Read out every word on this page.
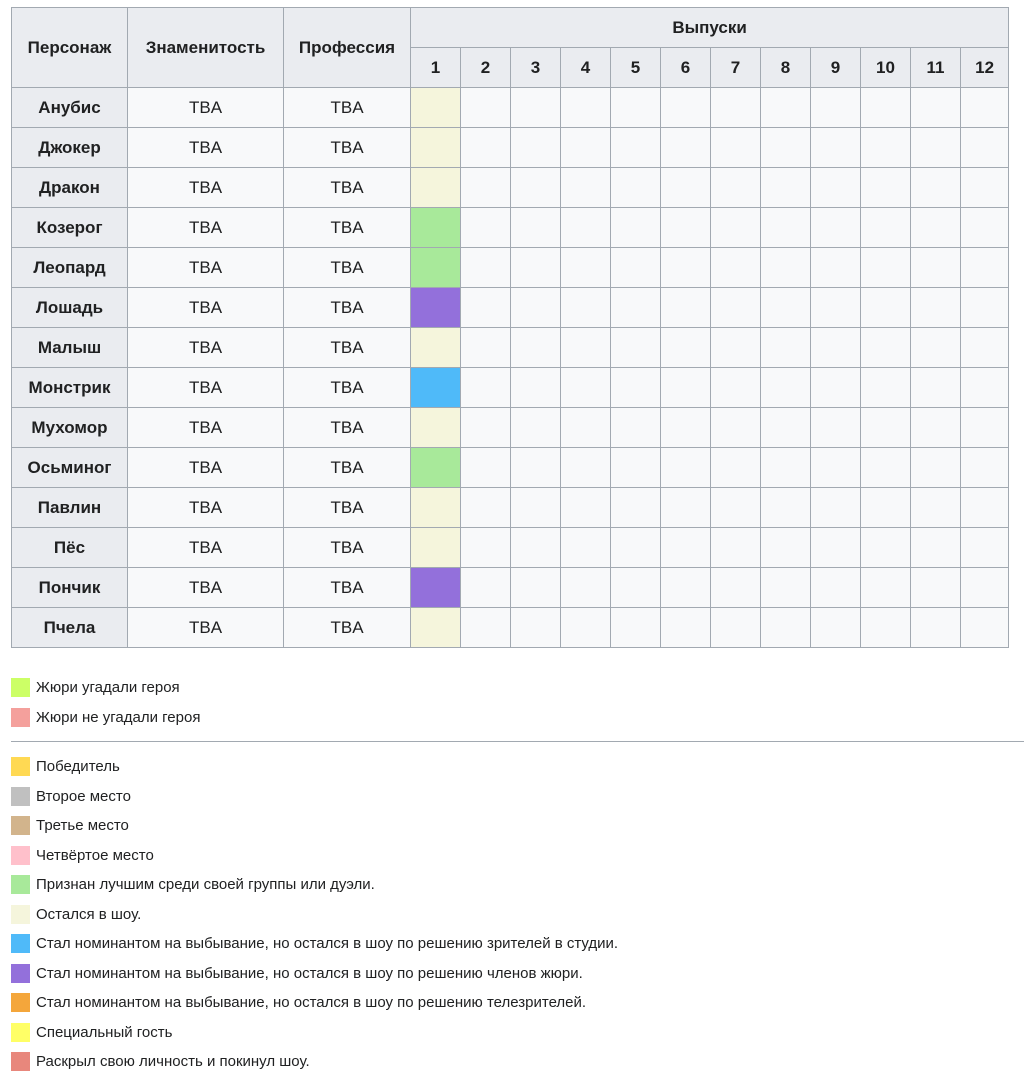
Персонаж	Знаменитость	Профессия	Выпуски											
			1	2	3	4	5	6	7	8	9	10	11	12
Анубис	TBA	TBA												
Джокер	TBA	TBA												
Дракон	TBA	TBA												
Козерог	TBA	TBA												
Леопард	TBA	TBA												
Лошадь	TBA	TBA												
Малыш	TBA	TBA												
Монстрик	TBA	TBA												
Мухомор	TBA	TBA												
Осьминог	TBA	TBA												
Павлин	TBA	TBA												
Пёс	TBA	TBA												
Пончик	TBA	TBA												
Пчела	TBA	TBA												
Жюри угадали героя
Жюри не угадали героя
Победитель
Второе место
Третье место
Четвёртое место
Признан лучшим среди своей группы или дуэли.
Остался в шоу.
Стал номинантом на выбывание, но остался в шоу по решению зрителей в студии.
Стал номинантом на выбывание, но остался в шоу по решению членов жюри.
Стал номинантом на выбывание, но остался в шоу по решению телезрителей.
Специальный гость
Раскрыл свою личность и покинул шоу.
